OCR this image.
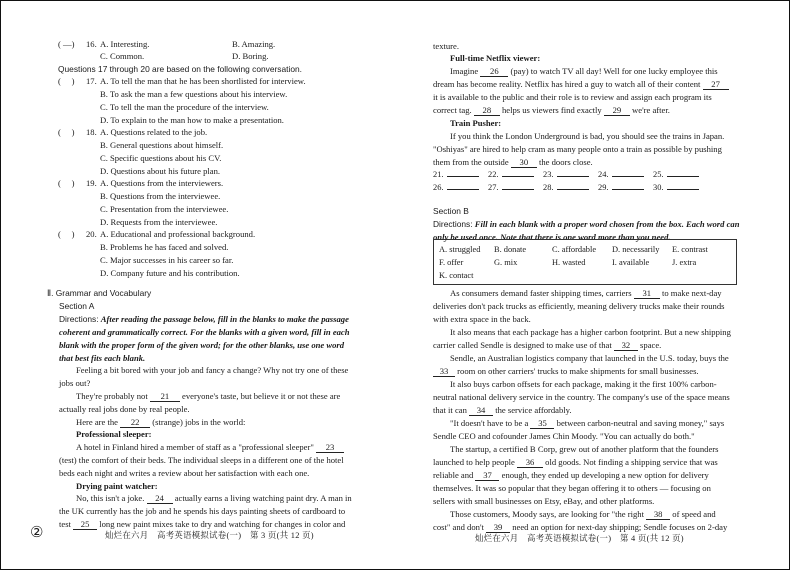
( —) 16. A. Interesting.	B. Amazing.
C. Common.	D. Boring.
Questions 17 through 20 are based on the following conversation.
(　 ) 17. A. To tell the man that he has been shortlisted for interview.
B. To ask the man a few questions about his interview.
C. To tell the man the procedure of the interview.
D. To explain to the man how to make a presentation.
(　 ) 18. A. Questions related to the job.
B. General questions about himself.
C. Specific questions about his CV.
D. Questions about his future plan.
(　 ) 19. A. Questions from the interviewers.
B. Questions from the interviewee.
C. Presentation from the interviewee.
D. Requests from the interviewee.
(　 ) 20. A. Educational and professional background.
B. Problems he has faced and solved.
C. Major successes in his career so far.
D. Company future and his contribution.
Ⅱ. Grammar and Vocabulary
Section A
Directions: After reading the passage below, fill in the blanks to make the passage
coherent and grammatically correct. For the blanks with a given word, fill in each
blank with the proper form of the given word; for the other blanks, use one word
that best fits each blank.
Feeling a bit bored with your job and fancy a change? Why not try one of these
jobs out?
They're probably not 21 everyone's taste, but believe it or not these are
actually real jobs done by real people.
Here are the 22 (strange) jobs in the world:
Professional sleeper:
A hotel in Finland hired a member of staff as a "professional sleeper" 23
(test) the comfort of their beds. The individual sleeps in a different one of the hotel
beds each night and writes a review about her satisfaction with each one.
Drying paint watcher:
No, this isn't a joke. 24 actually earns a living watching paint dry. A man in
the UK currently has the job and he spends his days painting sheets of cardboard to
test 25 long new paint mixes take to dry and watching for changes in color and
②	灿烂在六月　高考英语模拟试卷(一)　第 3 页(共 12 页)
texture.
Full-time Netflix viewer:
Imagine 26 (pay) to watch TV all day! Well for one lucky employee this
dream has become reality. Netflix has hired a guy to watch all of their content 27
it is available to the public and their role is to review and assign each program its
correct tag. 28 helps us viewers find exactly 29 we're after.
Train Pusher:
If you think the London Underground is bad, you should see the trains in Japan.
"Oshiyas" are hired to help cram as many people onto a train as possible by pushing
them from the outside 30 the doors close.
21.	22.	23.	24.	25.
26.	27.	28.	29.	30.
Section B
Directions: Fill in each blank with a proper word chosen from the box. Each word can
only be used once. Note that there is one word more than you need.
A. struggled B. donate	C. affordable D. necessarily E. contrast
F. offer	G. mix	H. wasted	I. available	J. extra
K. contact
As consumers demand faster shipping times, carriers 31 to make next-day
deliveries don't pack trucks as efficiently, meaning delivery trucks make their rounds
with extra space in the back.
It also means that each package has a higher carbon footprint. But a new shipping
carrier called Sendle is designed to make use of that 32 space.
Sendle, an Australian logistics company that launched in the U.S. today, buys the
33 room on other carriers' trucks to make shipments for small businesses.
It also buys carbon offsets for each package, making it the first 100% carbon-
neutral national delivery service in the country. The company's use of the space means
that it can 34 the service affordably.
"It doesn't have to be a 35 between carbon-neutral and saving money," says
Sendle CEO and cofounder James Chin Moody. "You can actually do both."
The startup, a certified B Corp, grew out of another platform that the founders
launched to help people 36 old goods. Not finding a shipping service that was
reliable and 37 enough, they ended up developing a new option for delivery
themselves. It was so popular that they began offering it to others — focusing on
sellers with small businesses on Etsy, eBay, and other platforms.
Those customers, Moody says, are looking for "the right 38 of speed and
cost" and don't 39 need an option for next-day shipping; Sendle focuses on 2-day
灿烂在六月　高考英语模拟试卷(一)　第 4 页(共 12 页)
